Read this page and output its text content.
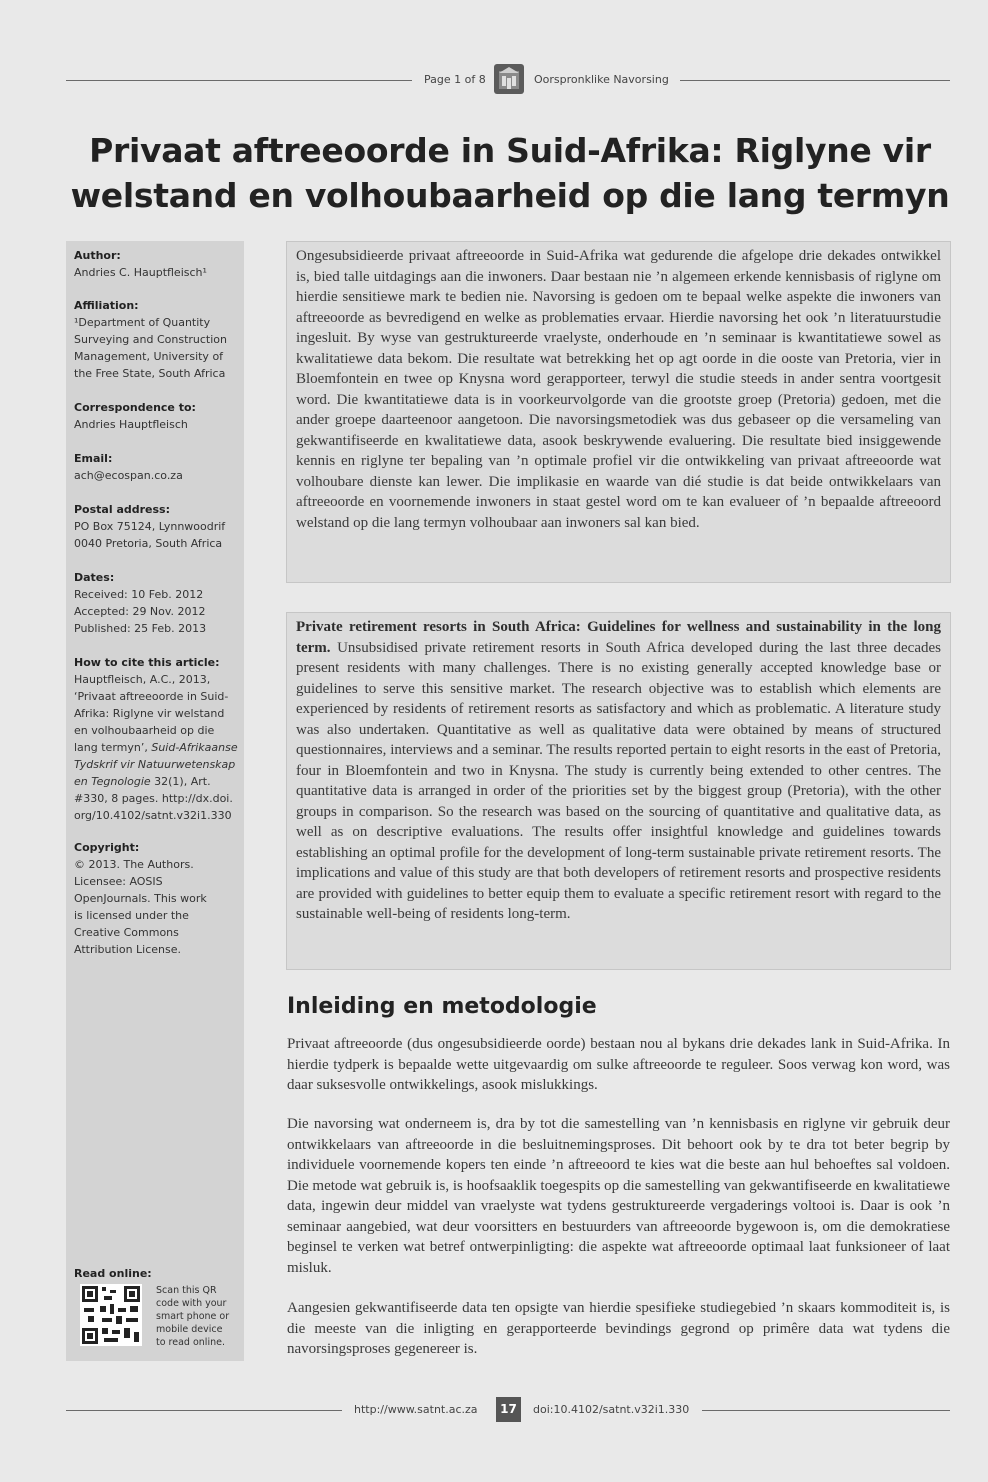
Page 1 of 8	Oorspronklike Navorsing
Privaat aftreeoorde in Suid-Afrika: Riglyne vir welstand en volhoubaarheid op die lang termyn
Author:
Andries C. Hauptfleisch¹
Affiliation:
¹Department of Quantity
Surveying and Construction
Management, University of
the Free State, South Africa
Correspondence to:
Andries Hauptfleisch
Email:
ach@ecospan.co.za
Postal address:
PO Box 75124, Lynnwoodrif
0040 Pretoria, South Africa
Dates:
Received: 10 Feb. 2012
Accepted: 29 Nov. 2012
Published: 25 Feb. 2013
How to cite this article:
Hauptfleisch, A.C., 2013, ‘Privaat aftreeoorde in Suid-Afrika: Riglyne vir welstand en volhoubaarheid op die lang termyn’, Suid-Afrikaanse Tydskrif vir Natuurwetenskap en Tegnologie 32(1), Art. #330, 8 pages. http://dx.doi. org/10.4102/satnt.v32i1.330
Copyright:
© 2013. The Authors.
Licensee: AOSIS
OpenJournals. This work
is licensed under the
Creative Commons
Attribution License.
Read online:
Scan this QR
code with your
smart phone or
mobile device
to read online.
Ongesubsidieerde privaat aftreeoorde in Suid-Afrika wat gedurende die afgelope drie dekades ontwikkel is, bied talle uitdagings aan die inwoners. Daar bestaan nie ’n algemeen erkende kennisbasis of riglyne om hierdie sensitiewe mark te bedien nie. Navorsing is gedoen om te bepaal welke aspekte die inwoners van aftreeoorde as bevredigend en welke as problematies ervaar. Hierdie navorsing het ook ’n literatuurstudie ingesluit. By wyse van gestruktureerde vraelyste, onderhoude en ’n seminaar is kwantitatiewe sowel as kwalitatiewe data bekom. Die resultate wat betrekking het op agt oorde in die ooste van Pretoria, vier in Bloemfontein en twee op Knysna word gerapporteer, terwyl die studie steeds in ander sentra voortgesit word. Die kwantitatiewe data is in voorkeurvolgorde van die grootste groep (Pretoria) gedoen, met die ander groepe daarteenoor aangetoon. Die navorsingsmetodiek was dus gebaseer op die versameling van gekwantifiseerde en kwalitatiewe data, asook beskrywende evaluering. Die resultate bied insiggewende kennis en riglyne ter bepaling van ’n optimale profiel vir die ontwikkeling van privaat aftreeoorde wat volhoubare dienste kan lewer. Die implikasie en waarde van dié studie is dat beide ontwikkelaars van aftreeoorde en voornemende inwoners in staat gestel word om te kan evalueer of ’n bepaalde aftreeoord welstand op die lang termyn volhoubaar aan inwoners sal kan bied.
Private retirement resorts in South Africa: Guidelines for wellness and sustainability in the long term. Unsubsidised private retirement resorts in South Africa developed during the last three decades present residents with many challenges. There is no existing generally accepted knowledge base or guidelines to serve this sensitive market. The research objective was to establish which elements are experienced by residents of retirement resorts as satisfactory and which as problematic. A literature study was also undertaken. Quantitative as well as qualitative data were obtained by means of structured questionnaires, interviews and a seminar. The results reported pertain to eight resorts in the east of Pretoria, four in Bloemfontein and two in Knysna. The study is currently being extended to other centres. The quantitative data is arranged in order of the priorities set by the biggest group (Pretoria), with the other groups in comparison. So the research was based on the sourcing of quantitative and qualitative data, as well as on descriptive evaluations. The results offer insightful knowledge and guidelines towards establishing an optimal profile for the development of long-term sustainable private retirement resorts. The implications and value of this study are that both developers of retirement resorts and prospective residents are provided with guidelines to better equip them to evaluate a specific retirement resort with regard to the sustainable well-being of residents long-term.
Inleiding en metodologie

Privaat aftreeoorde (dus ongesubsidieerde oorde) bestaan nou al bykans drie dekades lank in Suid-Afrika. In hierdie tydperk is bepaalde wette uitgevaardig om sulke aftreeoorde te reguleer. Soos verwag kon word, was daar suksesvolle ontwikkelings, asook mislukkings.

Die navorsing wat onderneem is, dra by tot die samestelling van ’n kennisbasis en riglyne vir gebruik deur ontwikkelaars van aftreeoorde in die besluitnemingsproses. Dit behoort ook by te dra tot beter begrip by individuele voornemende kopers ten einde ’n aftreeoord te kies wat die beste aan hul behoeftes sal voldoen. Die metode wat gebruik is, is hoofsaaklik toegespits op die samestelling van gekwantifiseerde en kwalitatiewe data, ingewin deur middel van vraelyste wat tydens gestruktureerde vergaderings voltooi is. Daar is ook ’n seminaar aangebied, wat deur voorsitters en bestuurders van aftreeoorde bygewoon is, om die demokratiese beginsel te verken wat betref ontwerpinligting: die aspekte wat aftreeoorde optimaal laat funksioneer of laat misluk.

Aangesien gekwantifiseerde data ten opsigte van hierdie spesifieke studiegebied ’n skaars kommoditeit is, is die meeste van die inligting en gerapporteerde bevindings gegrond op primêre data wat tydens die navorsingsproses gegenereer is.

http://www.satnt.ac.za	17	doi:10.4102/satnt.v32i1.330
